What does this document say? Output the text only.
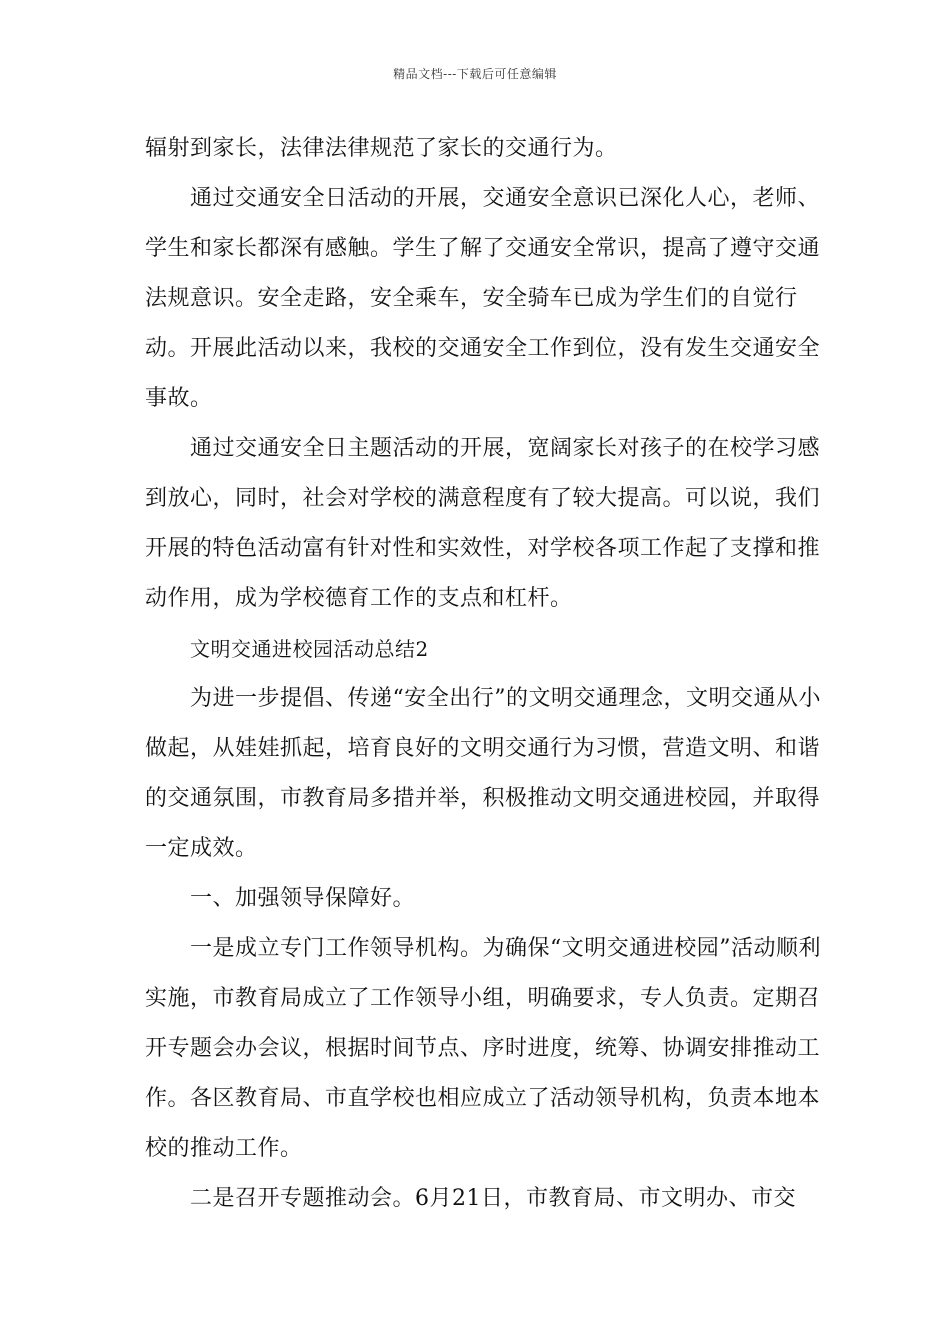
精品文档---下载后可任意编辑

辐射到家长，法律法律规范了家长的交通行为。

通过交通安全日活动的开展，交通安全意识已深化人心，老师、学生和家长都深有感触。学生了解了交通安全常识，提高了遵守交通法规意识。安全走路，安全乘车，安全骑车已成为学生们的自觉行动。开展此活动以来，我校的交通安全工作到位，没有发生交通安全事故。

通过交通安全日主题活动的开展，宽阔家长对孩子的在校学习感到放心，同时，社会对学校的满意程度有了较大提高。可以说，我们开展的特色活动富有针对性和实效性，对学校各项工作起了支撑和推动作用，成为学校德育工作的支点和杠杆。

文明交通进校园活动总结2

为进一步提倡、传递“安全出行”的文明交通理念，文明交通从小做起，从娃娃抓起，培育良好的文明交通行为习惯，营造文明、和谐的交通氛围，市教育局多措并举，积极推动文明交通进校园，并取得一定成效。

一、加强领导保障好。

一是成立专门工作领导机构。为确保“文明交通进校园”活动顺利实施，市教育局成立了工作领导小组，明确要求，专人负责。定期召开专题会办会议，根据时间节点、序时进度，统筹、协调安排推动工作。各区教育局、市直学校也相应成立了活动领导机构，负责本地本校的推动工作。

二是召开专题推动会。6月21日，市教育局、市文明办、市交
